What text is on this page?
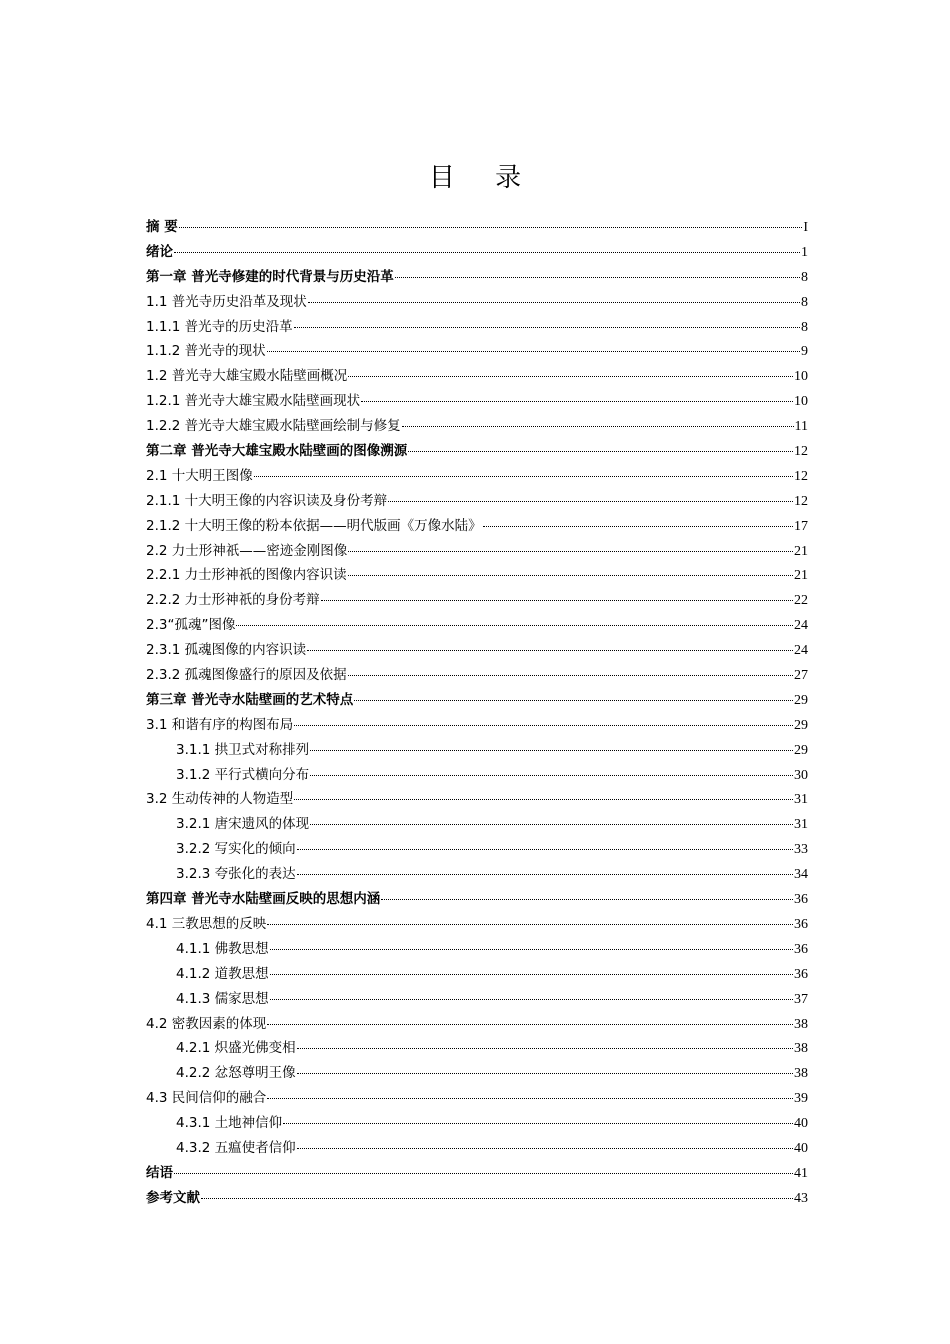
目 录
摘 要	I
绪论	1
第一章 普光寺修建的时代背景与历史沿革	8
1.1 普光寺历史沿革及现状	8
1.1.1 普光寺的历史沿革	8
1.1.2 普光寺的现状	9
1.2 普光寺大雄宝殿水陆壁画概况	10
1.2.1 普光寺大雄宝殿水陆壁画现状	10
1.2.2 普光寺大雄宝殿水陆壁画绘制与修复	11
第二章 普光寺大雄宝殿水陆壁画的图像溯源	12
2.1 十大明王图像	12
2.1.1 十大明王像的内容识读及身份考辩	12
2.1.2 十大明王像的粉本依据——明代版画《万像水陆》	17
2.2 力士形神祇——密迹金刚图像	21
2.2.1 力士形神祇的图像内容识读	21
2.2.2 力士形神祇的身份考辩	22
2.3“孤魂”图像	24
2.3.1 孤魂图像的内容识读	24
2.3.2 孤魂图像盛行的原因及依据	27
第三章 普光寺水陆壁画的艺术特点	29
3.1 和谐有序的构图布局	29
3.1.1 拱卫式对称排列	29
3.1.2 平行式横向分布	30
3.2 生动传神的人物造型	31
3.2.1 唐宋遗风的体现	31
3.2.2 写实化的倾向	33
3.2.3 夸张化的表达	34
第四章 普光寺水陆壁画反映的思想内涵	36
4.1 三教思想的反映	36
4.1.1 佛教思想	36
4.1.2 道教思想	36
4.1.3 儒家思想	37
4.2 密教因素的体现	38
4.2.1 炽盛光佛变相	38
4.2.2 忿怒尊明王像	38
4.3 民间信仰的融合	39
4.3.1 土地神信仰	40
4.3.2 五瘟使者信仰	40
结语	41
参考文献	43
